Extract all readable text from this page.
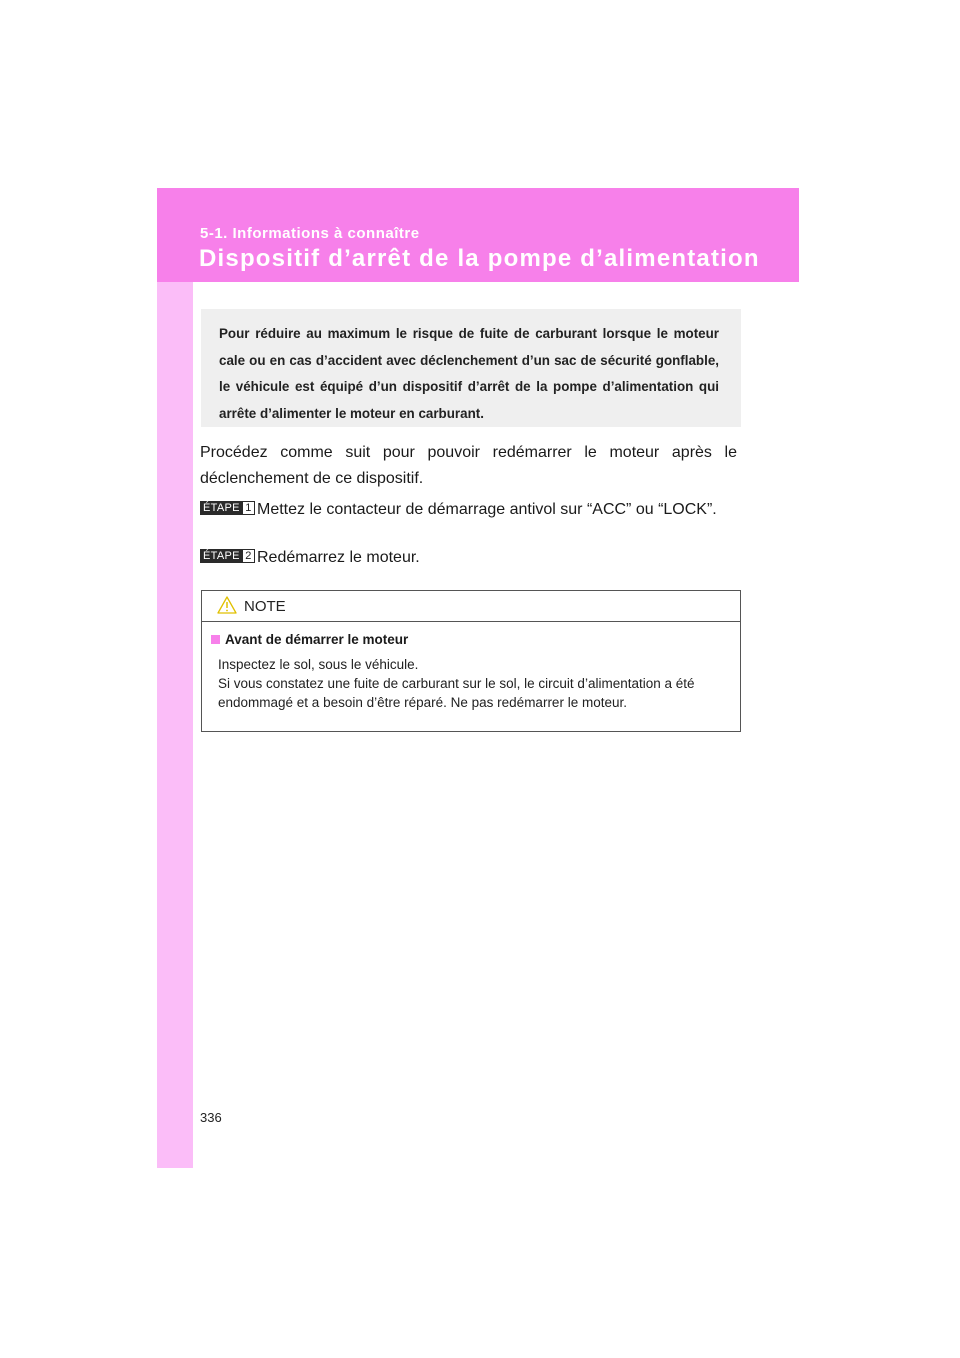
5-1. Informations à connaître
Dispositif d’arrêt de la pompe d’alimentation

Pour réduire au maximum le risque de fuite de carburant lorsque le moteur cale ou en cas d’accident avec déclenchement d’un sac de sécurité gonflable, le véhicule est équipé d’un dispositif d’arrêt de la pompe d’alimentation qui arrête d’alimenter le moteur en carburant.

Procédez comme suit pour pouvoir redémarrer le moteur après le déclenchement de ce dispositif.

ÉTAPE 1 Mettez le contacteur de démarrage antivol sur “ACC” ou “LOCK”.

ÉTAPE 2 Redémarrez le moteur.

NOTE
Avant de démarrer le moteur
Inspectez le sol, sous le véhicule.
Si vous constatez une fuite de carburant sur le sol, le circuit d’alimentation a été endommagé et a besoin d’être réparé. Ne pas redémarrer le moteur.
336
